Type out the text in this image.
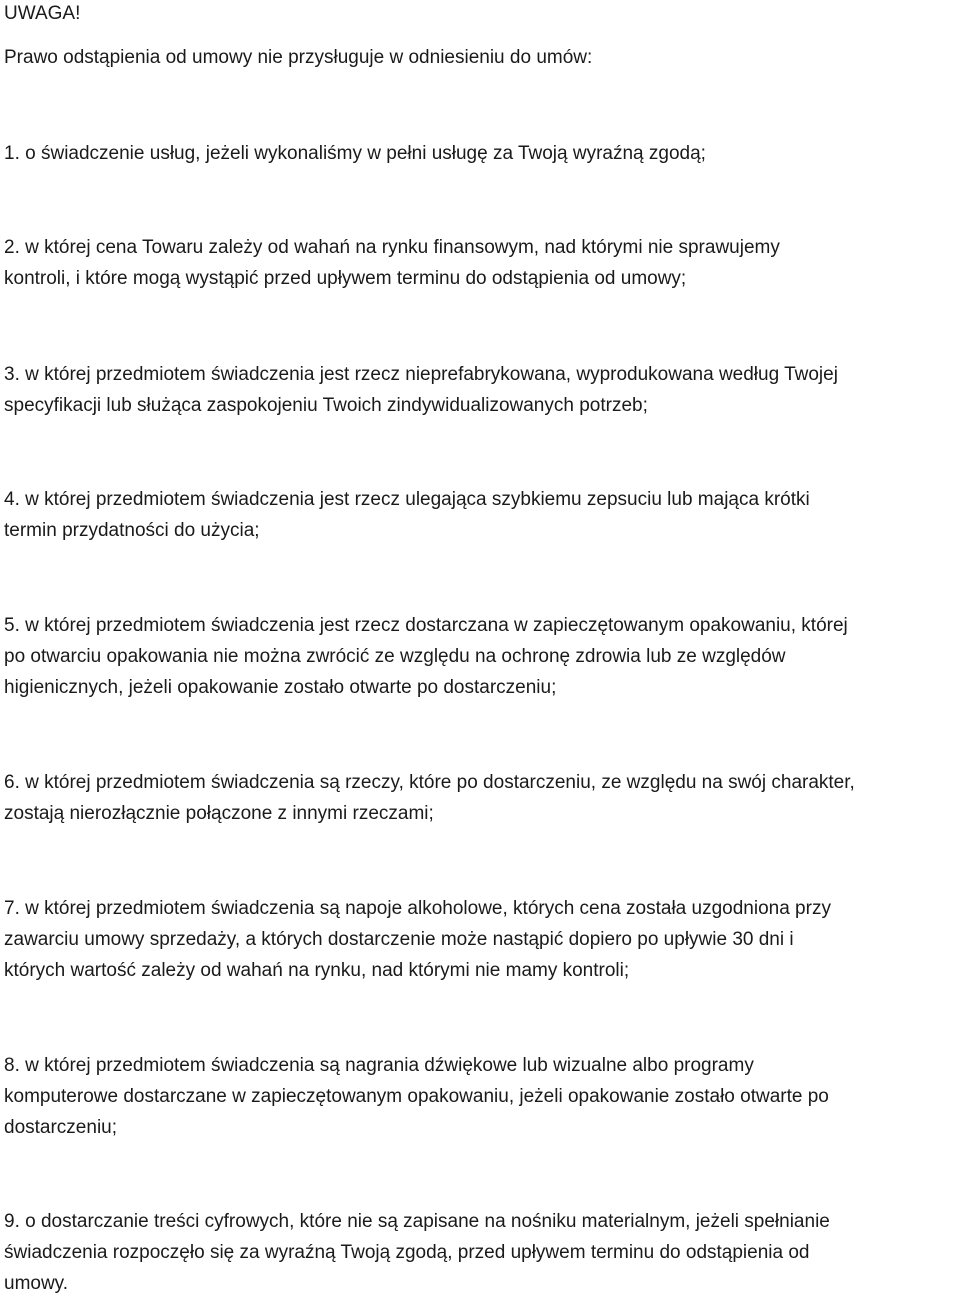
UWAGA!

Prawo odstąpienia od umowy nie przysługuje w odniesieniu do umów:

1. o świadczenie usług, jeżeli wykonaliśmy w pełni usługę za Twoją wyraźną zgodą;
2. w której cena Towaru zależy od wahań na rynku finansowym, nad którymi nie sprawujemy
kontroli, i które mogą wystąpić przed upływem terminu do odstąpienia od umowy;
3. w której przedmiotem świadczenia jest rzecz nieprefabrykowana, wyprodukowana według Twojej
specyfikacji lub służąca zaspokojeniu Twoich zindywidualizowanych potrzeb;
4. w której przedmiotem świadczenia jest rzecz ulegająca szybkiemu zepsuciu lub mająca krótki
termin przydatności do użycia;
5. w której przedmiotem świadczenia jest rzecz dostarczana w zapieczętowanym opakowaniu, której
po otwarciu opakowania nie można zwrócić ze względu na ochronę zdrowia lub ze względów
higienicznych, jeżeli opakowanie zostało otwarte po dostarczeniu;
6. w której przedmiotem świadczenia są rzeczy, które po dostarczeniu, ze względu na swój charakter,
zostają nierozłącznie połączone z innymi rzeczami;
7. w której przedmiotem świadczenia są napoje alkoholowe, których cena została uzgodniona przy
zawarciu umowy sprzedaży, a których dostarczenie może nastąpić dopiero po upływie 30 dni i
których wartość zależy od wahań na rynku, nad którymi nie mamy kontroli;
8. w której przedmiotem świadczenia są nagrania dźwiękowe lub wizualne albo programy
komputerowe dostarczane w zapieczętowanym opakowaniu, jeżeli opakowanie zostało otwarte po
dostarczeniu;
9. o dostarczanie treści cyfrowych, które nie są zapisane na nośniku materialnym, jeżeli spełnianie
świadczenia rozpoczęło się za wyraźną Twoją zgodą, przed upływem terminu do odstąpienia od
umowy.
